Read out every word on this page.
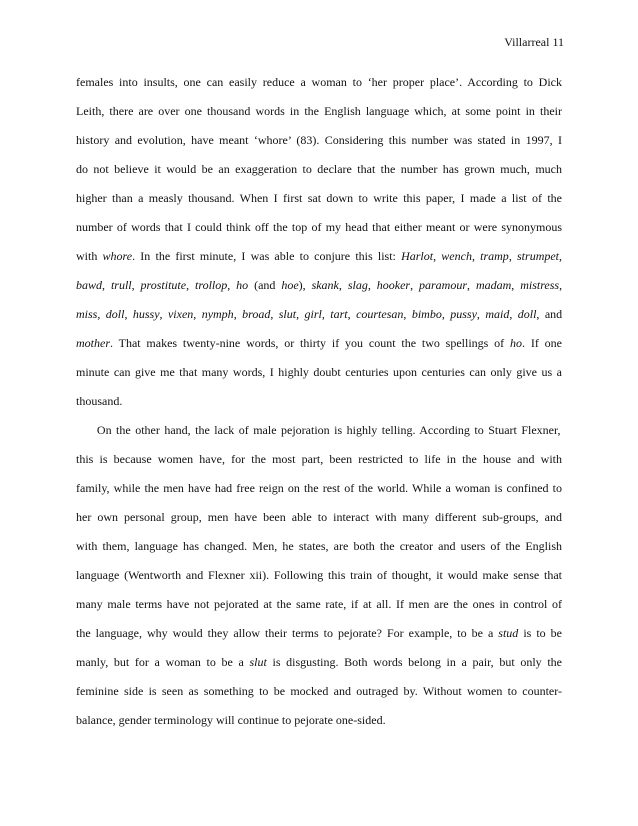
Villarreal 11
females into insults, one can easily reduce a woman to ‘her proper place’. According to Dick
Leith, there are over one thousand words in the English language which, at some point in their
history and evolution, have meant ‘whore’ (83). Considering this number was stated in 1997, I
do not believe it would be an exaggeration to declare that the number has grown much, much
higher than a measly thousand. When I first sat down to write this paper, I made a list of the
number of words that I could think off the top of my head that either meant or were synonymous
with whore. In the first minute, I was able to conjure this list: Harlot, wench, tramp, strumpet,
bawd, trull, prostitute, trollop, ho (and hoe), skank, slag, hooker, paramour, madam, mistress,
miss, doll, hussy, vixen, nymph, broad, slut, girl, tart, courtesan, bimbo, pussy, maid, doll, and
mother. That makes twenty-nine words, or thirty if you count the two spellings of ho. If one
minute can give me that many words, I highly doubt centuries upon centuries can only give us a
thousand.
On the other hand, the lack of male pejoration is highly telling. According to Stuart Flexner,
this is because women have, for the most part, been restricted to life in the house and with
family, while the men have had free reign on the rest of the world. While a woman is confined to
her own personal group, men have been able to interact with many different sub-groups, and
with them, language has changed. Men, he states, are both the creator and users of the English
language (Wentworth and Flexner xii). Following this train of thought, it would make sense that
many male terms have not pejorated at the same rate, if at all. If men are the ones in control of
the language, why would they allow their terms to pejorate? For example, to be a stud is to be
manly, but for a woman to be a slut is disgusting. Both words belong in a pair, but only the
feminine side is seen as something to be mocked and outraged by. Without women to counter-
balance, gender terminology will continue to pejorate one-sided.
